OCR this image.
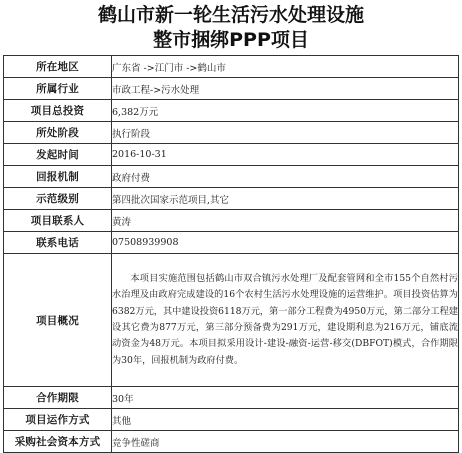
鹤山市新一轮生活污水处理设施
整市捆绑PPP项目
所在地区	广东省 ->江门市 ->鹤山市
所属行业	市政工程->污水处理
项目总投资	6,382万元
所处阶段	执行阶段
发起时间	2016-10-31
回报机制	政府付费
示范级别	第四批次国家示范项目,其它
项目联系人	黄涛
联系电话	07508939908
项目概况	本项目实施范围包括鹤山市双合镇污水处理厂及配套管网和全市155个自然村污水治理及由政府完成建设的16个农村生活污水处理设施的运营维护。项目投资估算为6382万元，其中建设投资6118万元，第一部分工程费为4950万元，第二部分工程建设其它费为877万元，第三部分预备费为291万元，建设期利息为216万元，铺底流动资金为48万元。本项目拟采用设计-建设-融资-运营-移交(DBFOT)模式，合作期限为30年，回报机制为政府付费。
合作期限	30年
项目运作方式	其他
采购社会资本方式	竞争性磋商
